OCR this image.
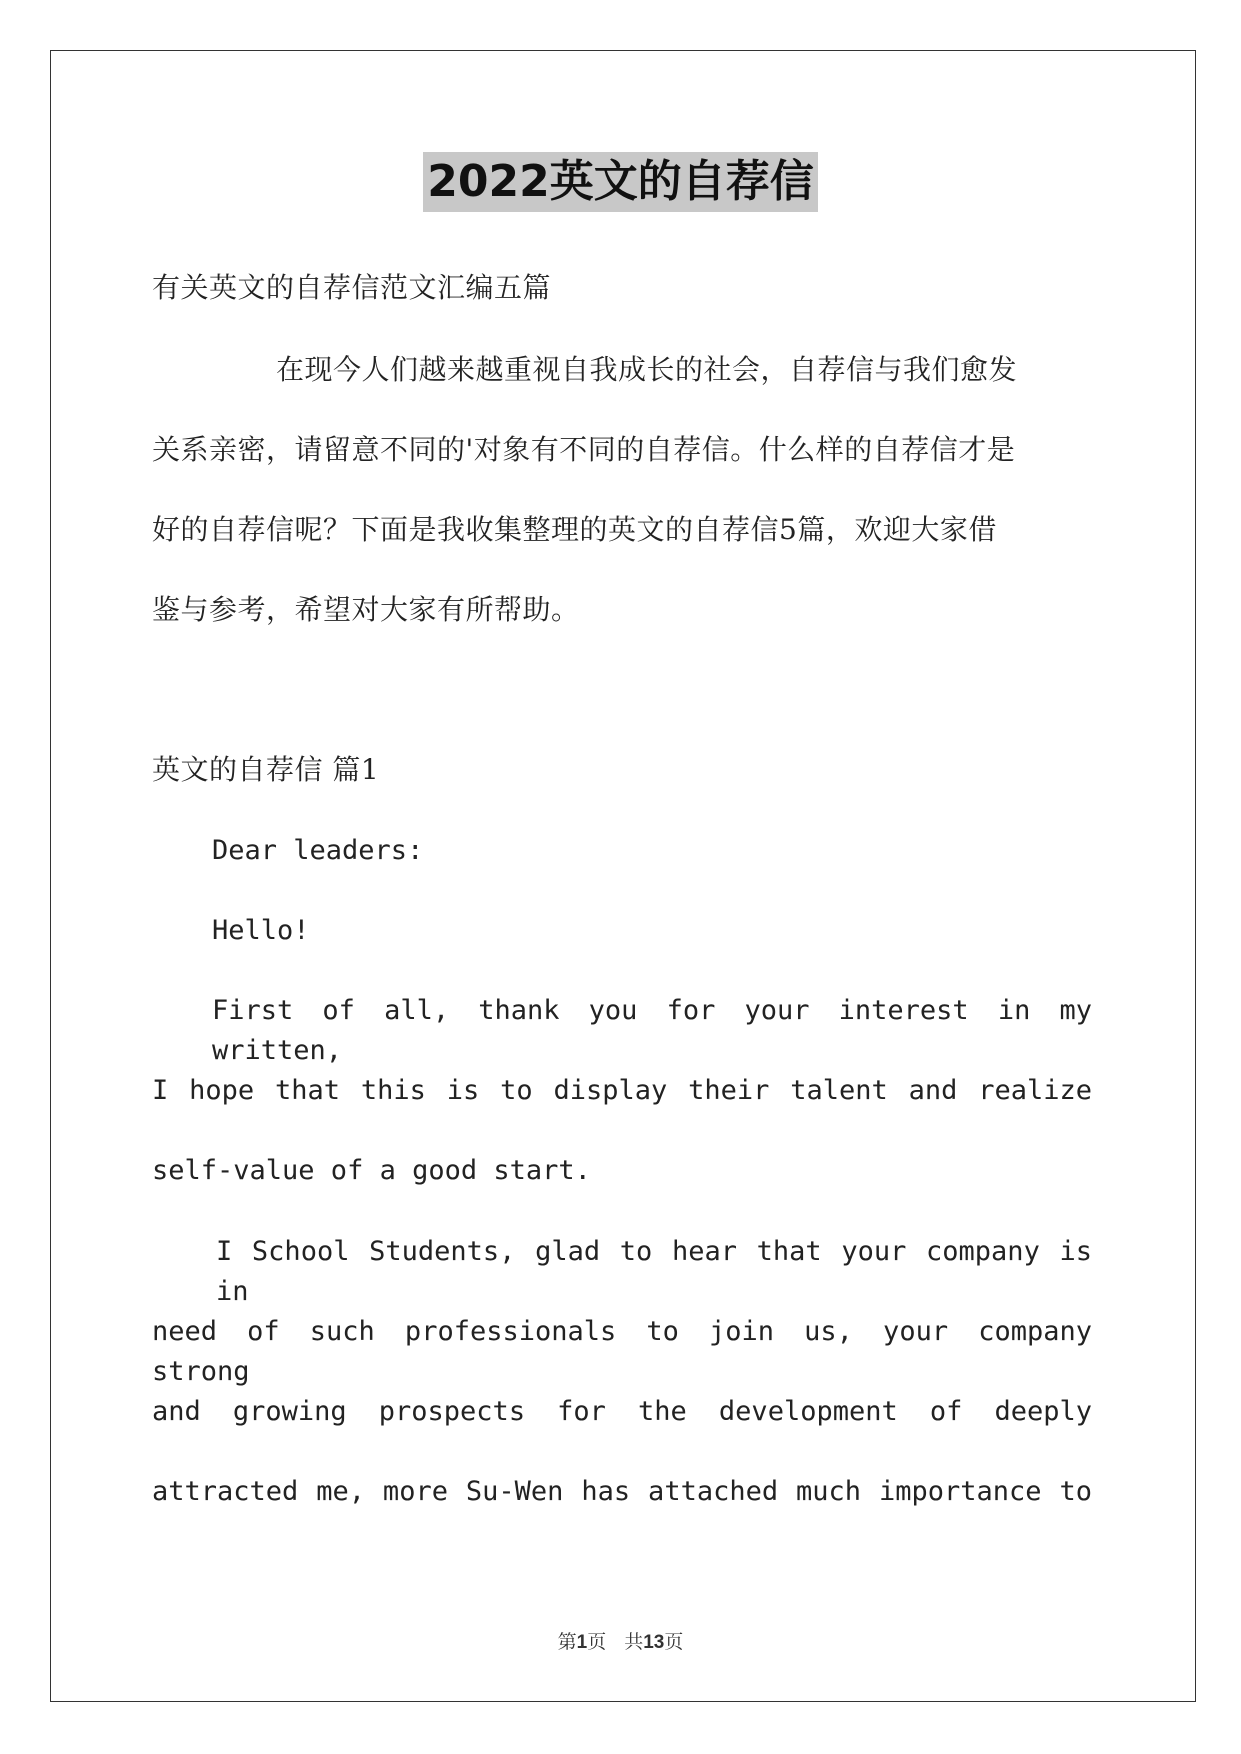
2022英文的自荐信
有关英文的自荐信范文汇编五篇
在现今人们越来越重视自我成长的社会，自荐信与我们愈发
关系亲密，请留意不同的'对象有不同的自荐信。什么样的自荐信才是
好的自荐信呢？下面是我收集整理的英文的自荐信5篇，欢迎大家借
鉴与参考，希望对大家有所帮助。
英文的自荐信 篇1
Dear leaders:
Hello!
First of all, thank you for your interest in my written,
I hope that this is to display their talent and realize
self-value of a good start.
I School Students, glad to hear that your company is in
need of such professionals to join us, your company strong
and growing prospects for the development of deeply
attracted me, more Su-Wen has attached much importance to
第1页 共13页
